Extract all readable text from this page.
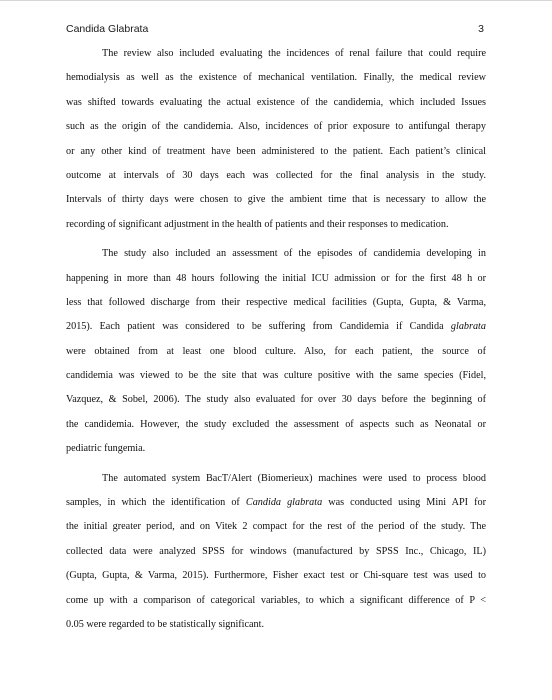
Candida Glabrata	3
The review also included evaluating the incidences of renal failure that could require
hemodialysis as well as the existence of mechanical ventilation. Finally, the medical review
was shifted towards evaluating the actual existence of the candidemia, which included Issues
such as the origin of the candidemia. Also, incidences of prior exposure to antifungal therapy
or any other kind of treatment have been administered to the patient. Each patient’s clinical
outcome at intervals of 30 days each was collected for the final analysis in the study.
Intervals of thirty days were chosen to give the ambient time that is necessary to allow the
recording of significant adjustment in the health of patients and their responses to medication.
The study also included an assessment of the episodes of candidemia developing in
happening in more than 48 hours following the initial ICU admission or for the first 48 h or
less that followed discharge from their respective medical facilities (Gupta, Gupta, & Varma,
2015). Each patient was considered to be suffering from Candidemia if Candida glabrata
were obtained from at least one blood culture. Also, for each patient, the source of
candidemia was viewed to be the site that was culture positive with the same species (Fidel,
Vazquez, & Sobel, 2006). The study also evaluated for over 30 days before the beginning of
the candidemia. However, the study excluded the assessment of aspects such as Neonatal or
pediatric fungemia.
The automated system BacT/Alert (Biomerieux) machines were used to process blood
samples, in which the identification of Candida glabrata was conducted using Mini API for
the initial greater period, and on Vitek 2 compact for the rest of the period of the study. The
collected data were analyzed SPSS for windows (manufactured by SPSS Inc., Chicago, IL)
(Gupta, Gupta, & Varma, 2015). Furthermore, Fisher exact test or Chi-square test was used to
come up with a comparison of categorical variables, to which a significant difference of P <
0.05 were regarded to be statistically significant.
